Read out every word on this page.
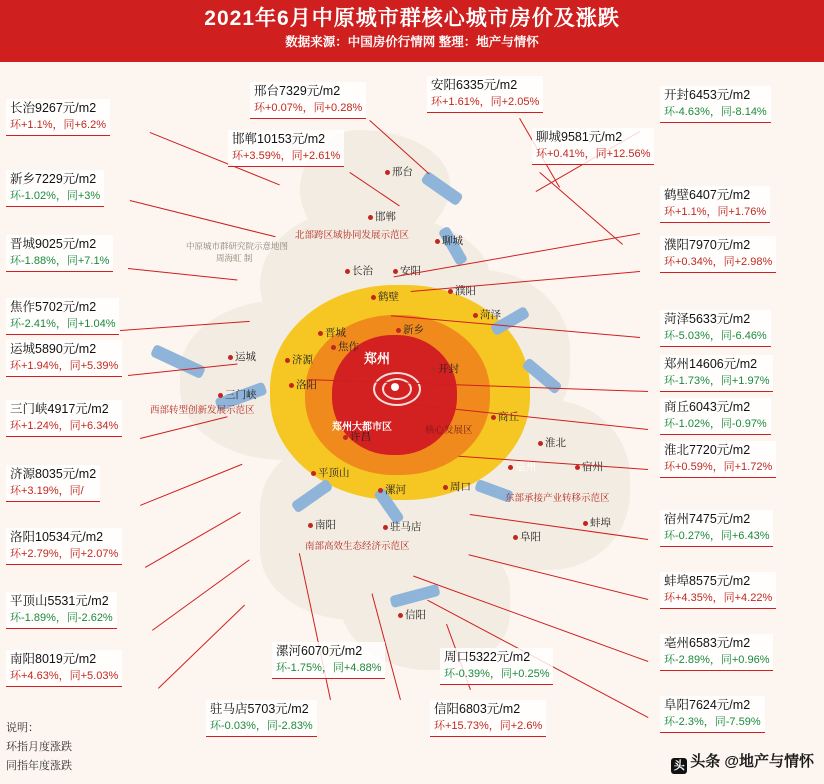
2021年6月中原城市群核心城市房价及涨跌
数据来源：中国房价行情网 整理：地产与情怀
郑州
郑州大都市区
中原城市群研究院示意地图
周海虹 制
北部跨区域协同发展示范区
西部转型创新发展示范区
南部高效生态经济示范区
东部承接产业转移示范区
核心发展区
邢台
邯郸
聊城
长治	安阳
鹤壁	濮阳
菏泽
晋城	新乡
焦作
济源
运城
开封
洛阳
三门峡
商丘
许昌	淮北
亳州	宿州
平顶山
漯河	周口
蚌埠
南阳	驻马店
阜阳
信阳
长治9267元/m2
环+1.1%，同+6.2%
新乡7229元/m2
环-1.02%，同+3%
晋城9025元/m2
环-1.88%，同+7.1%
焦作5702元/m2
环-2.41%，同+1.04%
运城5890元/m2
环+1.94%，同+5.39%
三门峡4917元/m2
环+1.24%，同+6.34%
济源8035元/m2
环+3.19%，同/
洛阳10534元/m2
环+2.79%，同+2.07%
平顶山5531元/m2
环-1.89%，同-2.62%
南阳8019元/m2
环+4.63%，同+5.03%
邢台7329元/m2
环+0.07%，同+0.28%
邯郸10153元/m2
环+3.59%，同+2.61%
安阳6335元/m2
环+1.61%，同+2.05%	开封6453元/m2
环-4.63%，同-8.14%
聊城9581元/m2
环+0.41%，同+12.56%
鹤壁6407元/m2
环+1.1%，同+1.76%
濮阳7970元/m2
环+0.34%，同+2.98%
菏泽5633元/m2
环-5.03%，同-6.46%
郑州14606元/m2
环-1.73%，同+1.97%
商丘6043元/m2
环-1.02%，同-0.97%
淮北7720元/m2
环+0.59%，同+1.72%
宿州7475元/m2
环-0.27%，同+6.43%
蚌埠8575元/m2
环+4.35%，同+4.22%
亳州6583元/m2
环-2.89%，同+0.96%
阜阳7624元/m2
环-2.3%，同-7.59%
驻马店5703元/m2
环-0.03%，同-2.83%
漯河6070元/m2
环-1.75%，同+4.88%
信阳6803元/m2
环+15.73%，同+2.6%
周口5322元/m2
环-0.39%，同+0.25%
说明：
环指月度涨跌
同指年度涨跌	头 头条 @地产与情怀
